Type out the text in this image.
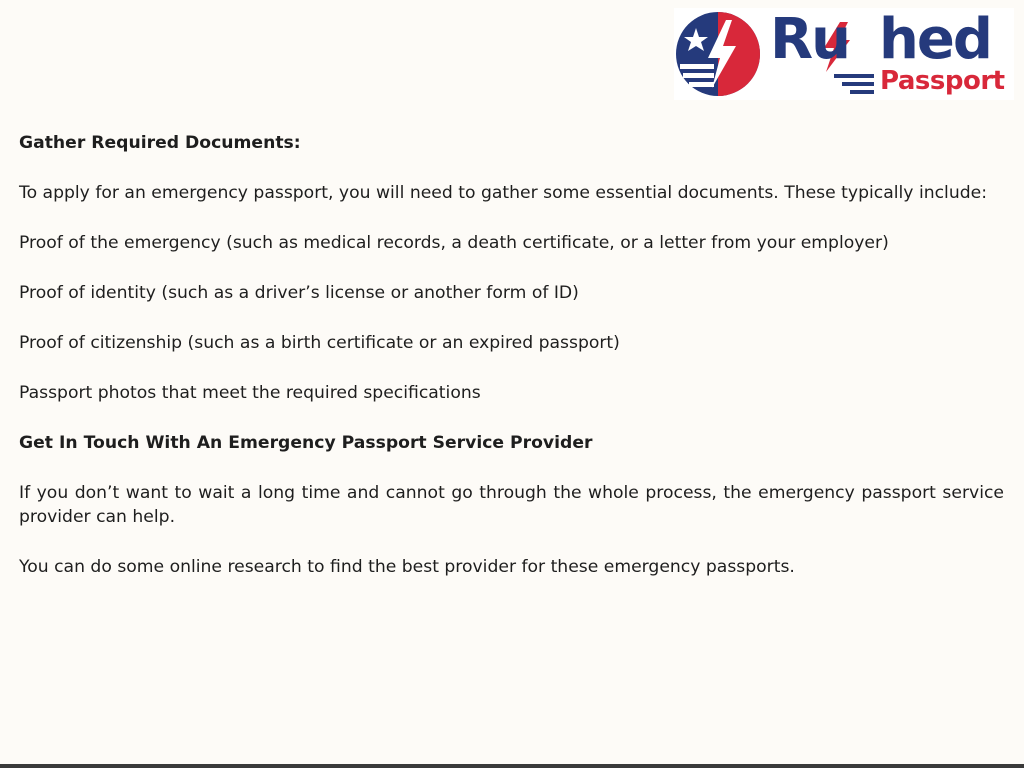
Ru hed
Passport

Gather Required Documents:

To apply for an emergency passport, you will need to gather some essential documents. These typically include:

Proof of the emergency (such as medical records, a death certificate, or a letter from your employer)

Proof of identity (such as a driver’s license or another form of ID)

Proof of citizenship (such as a birth certificate or an expired passport)

Passport photos that meet the required specifications

Get In Touch With An Emergency Passport Service Provider

If you don’t want to wait a long time and cannot go through the whole process, the emergency passport service provider can help.

You can do some online research to find the best provider for these emergency passports.
